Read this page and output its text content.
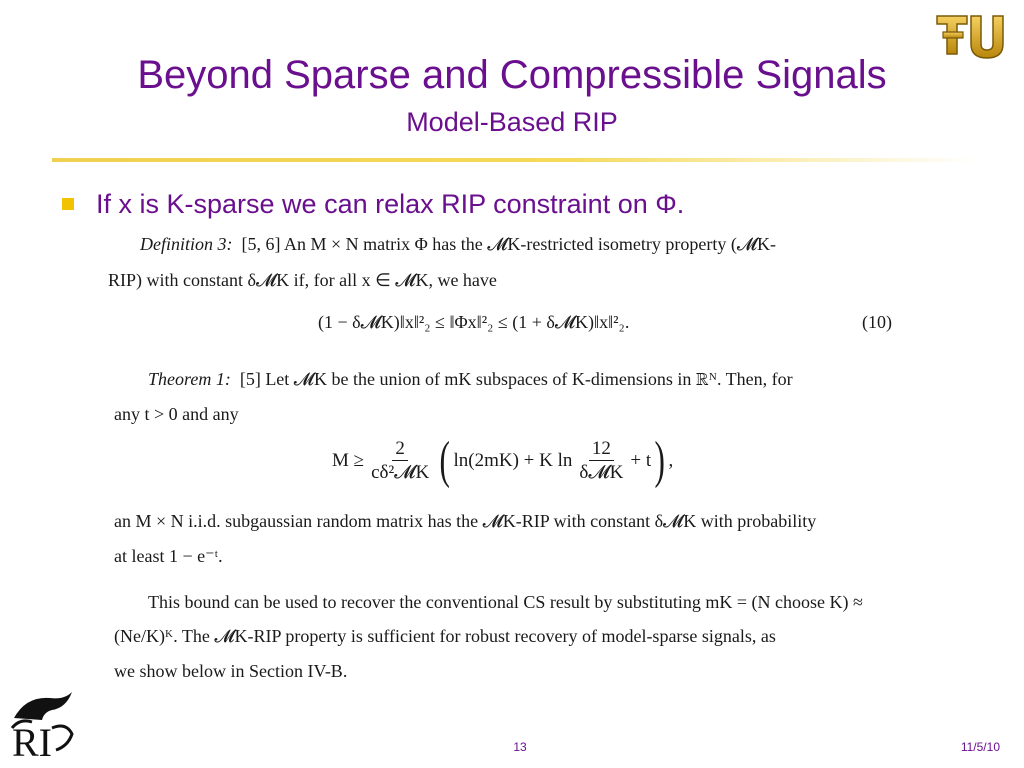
Beyond Sparse and Compressible Signals
Model-Based RIP
If x is K-sparse we can relax RIP constraint on Φ.
Definition 3: [5, 6] An M × N matrix Φ has the 𝓜K-restricted isometry property (𝓜K-
RIP) with constant δ𝓜K if, for all x ∈ 𝓜K, we have
(1 − δ𝓜K)‖x‖²₂ ≤ ‖Φx‖²₂ ≤ (1 + δ𝓜K)‖x‖²₂.	(10)
Theorem 1: [5] Let 𝓜K be the union of mK subspaces of K-dimensions in ℝᴺ. Then, for
any t > 0 and any
$M \ge \frac{2}{\text{cδ²𝓜K}}$ ( ln(2mK) + K $\ln \frac{12}{\text{δ𝓜K}} + t$ ) ,
an M × N i.i.d. subgaussian random matrix has the 𝓜K-RIP with constant δ𝓜K with probability
at least 1 − e⁻ᵗ.
This bound can be used to recover the conventional CS result by substituting mK = (N choose K) ≈
(Ne/K)ᴷ. The 𝓜K-RIP property is sufficient for robust recovery of model-sparse signals, as
we show below in Section IV-B.
RI	13	11/5/10
